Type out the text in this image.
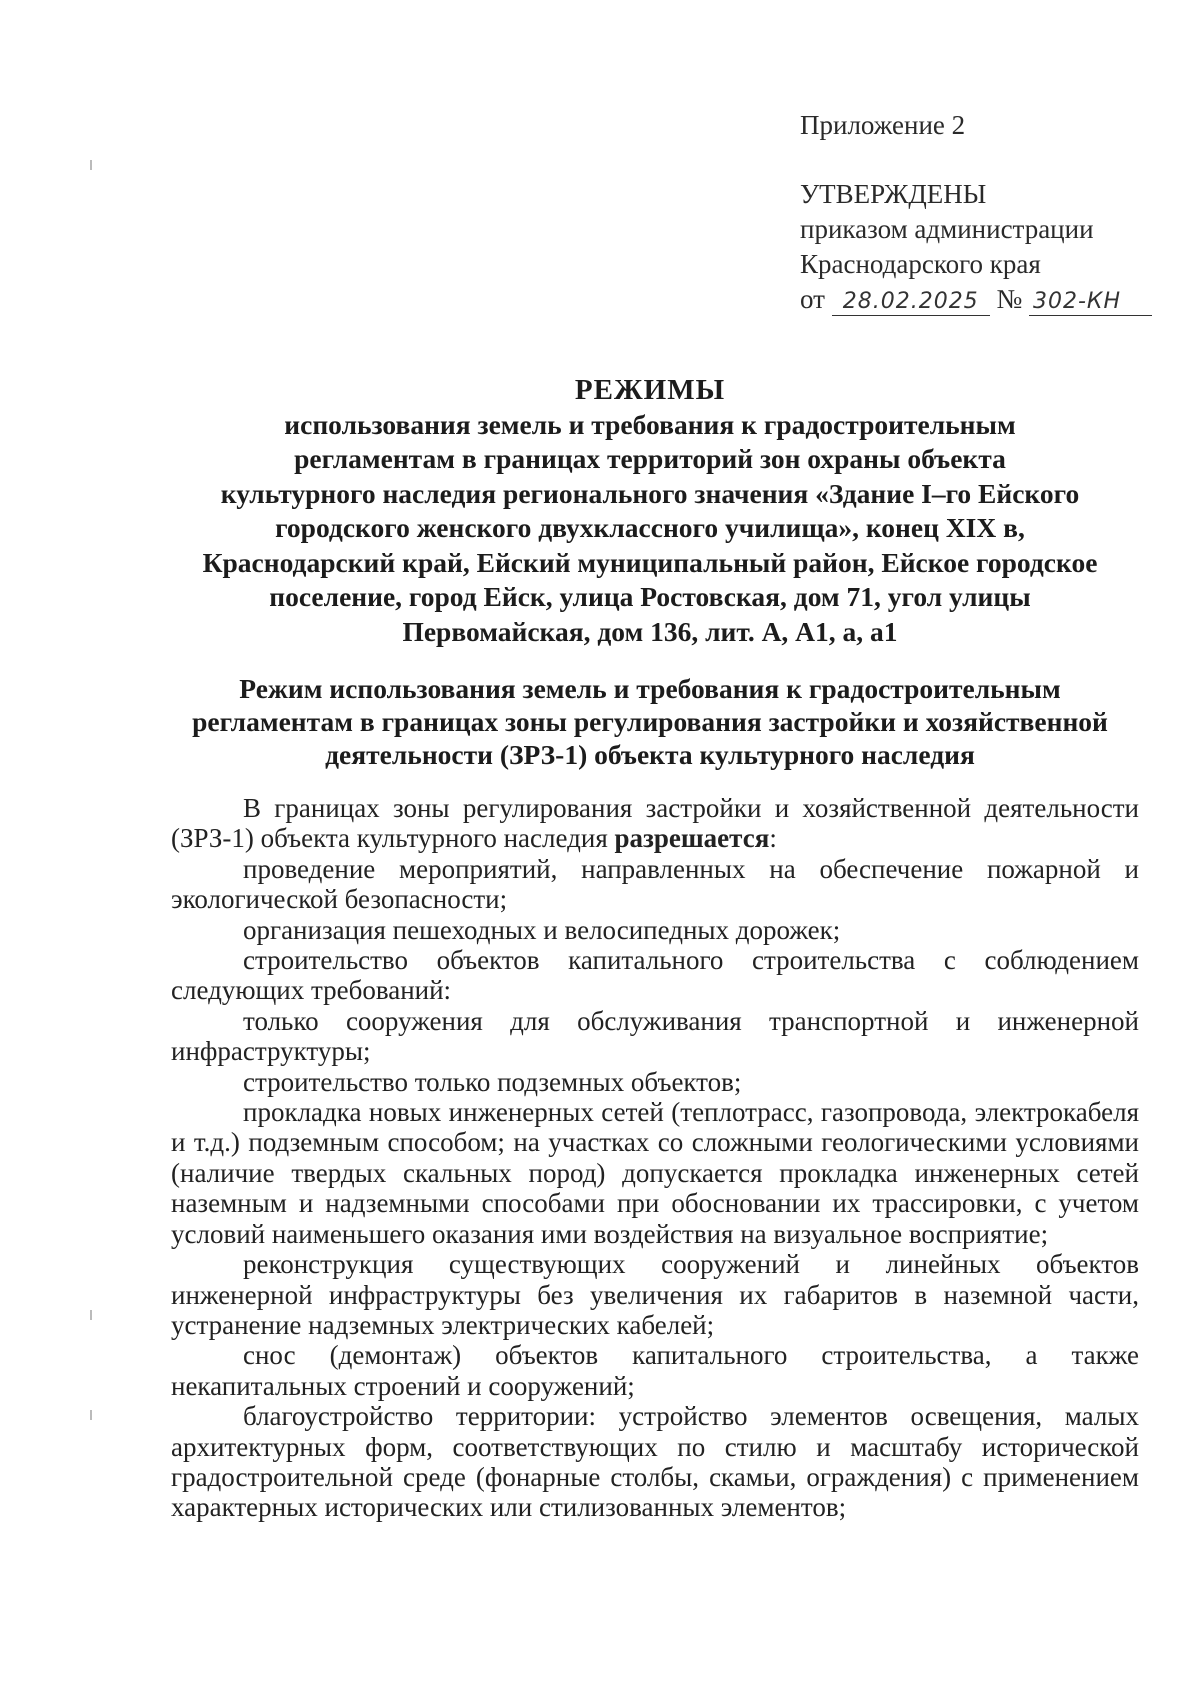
Приложение 2
УТВЕРЖДЕНЫ
приказом администрации
Краснодарского края
от 28.02.2025 № 302-КН
РЕЖИМЫ
использования земель и требования к градостроительным
регламентам в границах территорий зон охраны объекта
культурного наследия регионального значения «Здание I–го Ейского
городского женского двухклассного училища», конец XIX в,
Краснодарский край, Ейский муниципальный район, Ейское городское
поселение, город Ейск, улица Ростовская, дом 71, угол улицы
Первомайская, дом 136, лит. А, А1, а, а1
Режим использования земель и требования к градостроительным
регламентам в границах зоны регулирования застройки и хозяйственной
деятельности (ЗРЗ-1) объекта культурного наследия

В границах зоны регулирования застройки и хозяйственной деятельности (ЗРЗ-1) объекта культурного наследия разрешается:

проведение мероприятий, направленных на обеспечение пожарной и экологической безопасности;

организация пешеходных и велосипедных дорожек;

строительство объектов капитального строительства с соблюдением следующих требований:

только сооружения для обслуживания транспортной и инженерной инфраструктуры;

строительство только подземных объектов;

прокладка новых инженерных сетей (теплотрасс, газопровода, электрокабеля и т.д.) подземным способом; на участках со сложными геологическими условиями (наличие твердых скальных пород) допускается прокладка инженерных сетей наземным и надземными способами при обосновании их трассировки, с учетом условий наименьшего оказания ими воздействия на визуальное восприятие;

реконструкция существующих сооружений и линейных объектов инженерной инфраструктуры без увеличения их габаритов в наземной части, устранение надземных электрических кабелей;

снос (демонтаж) объектов капитального строительства, а также некапитальных строений и сооружений;

благоустройство территории: устройство элементов освещения, малых архитектурных форм, соответствующих по стилю и масштабу исторической градостроительной среде (фонарные столбы, скамьи, ограждения) с применением характерных исторических или стилизованных элементов;
